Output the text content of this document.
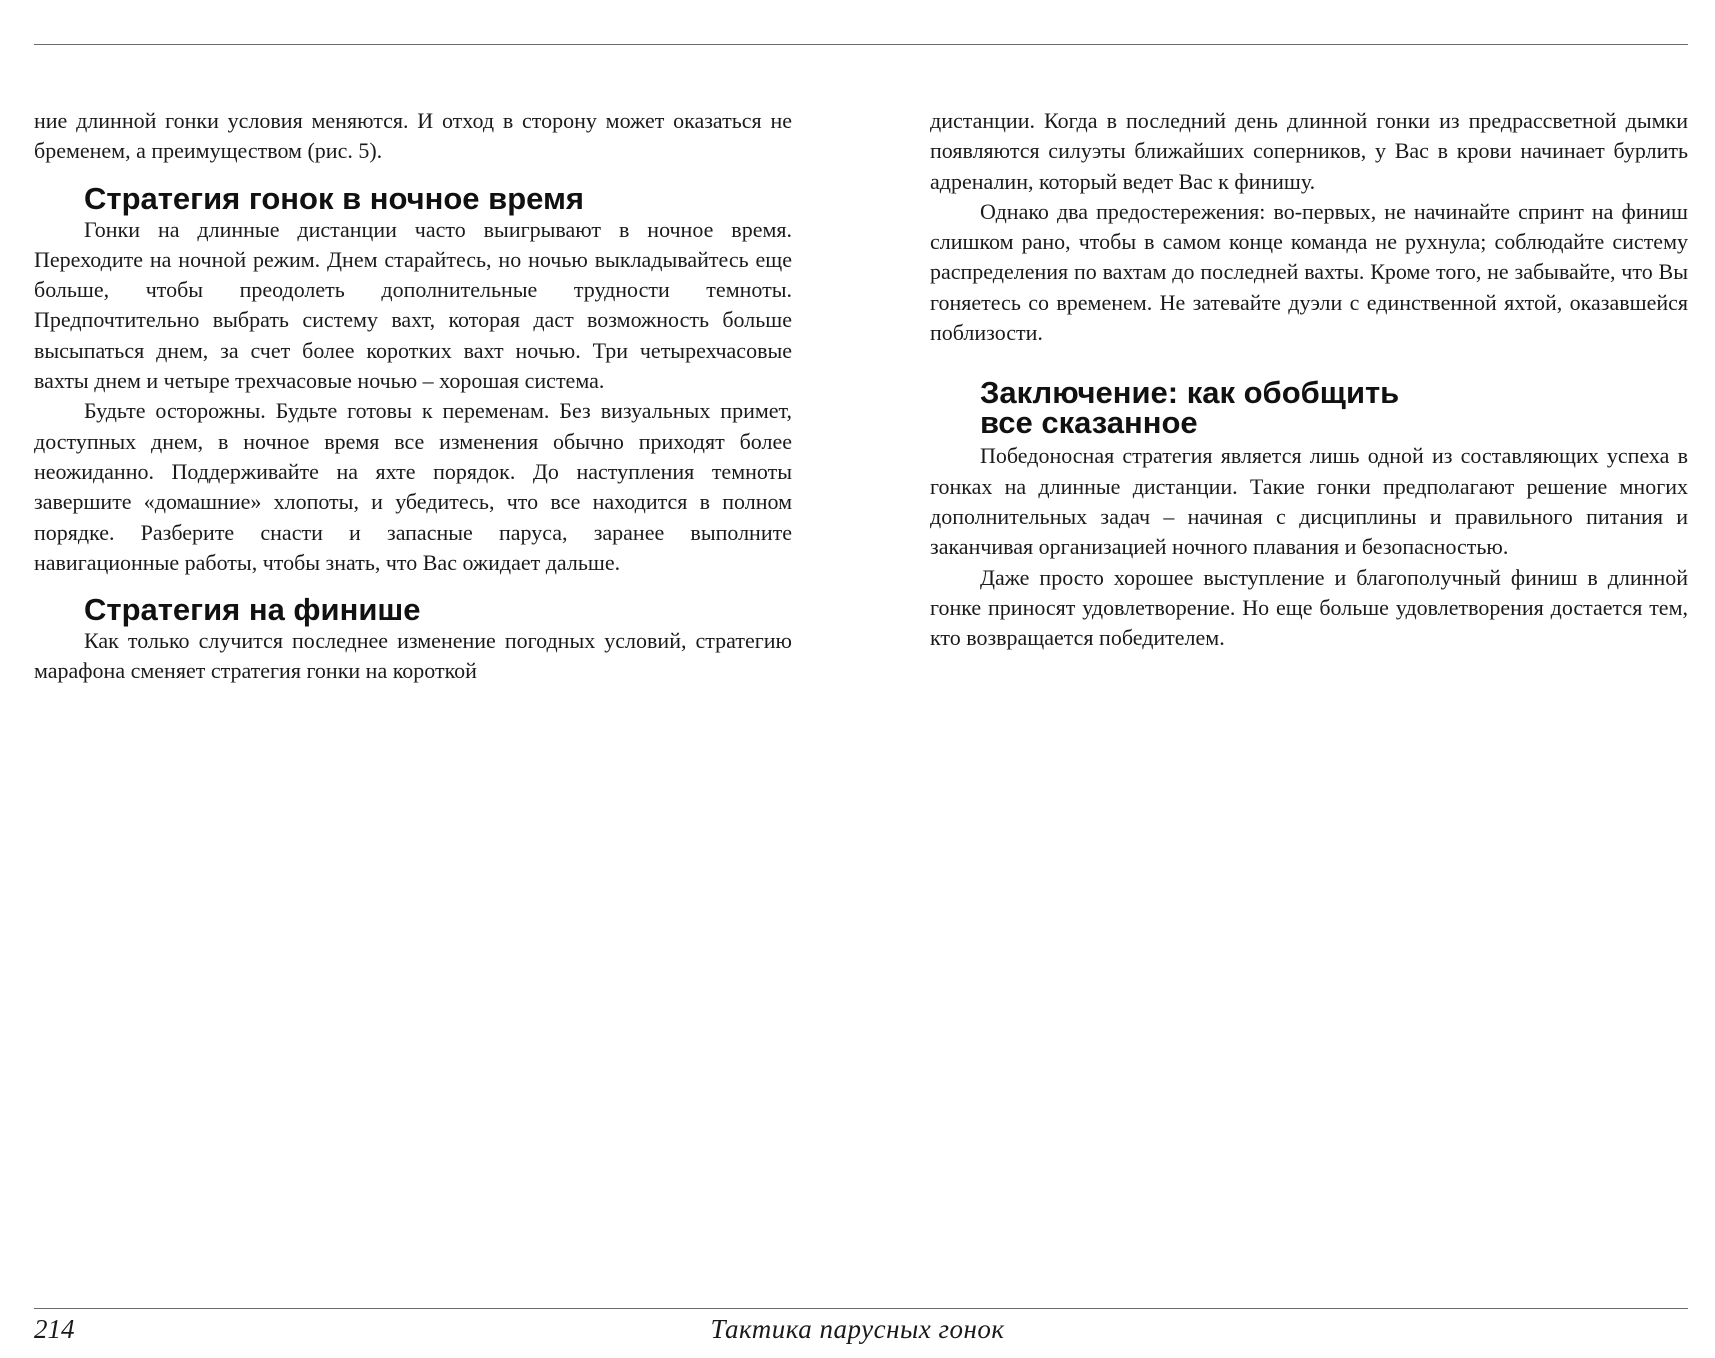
ние длинной гонки условия меняются. И отход в сторону может оказаться не бременем, а преимуществом (рис. 5).

Стратегия гонок в ночное время

Гонки на длинные дистанции часто выигрывают в ночное время. Переходите на ночной режим. Днем старайтесь, но ночью выкладывайтесь еще больше, чтобы преодолеть дополнительные трудности темноты. Предпочтительно выбрать систему вахт, которая даст возможность больше высыпаться днем, за счет более коротких вахт ночью. Три четырехчасовые вахты днем и четыре трехчасовые ночью – хорошая система.

Будьте осторожны. Будьте готовы к переменам. Без визуальных примет, доступных днем, в ночное время все изменения обычно приходят более неожиданно. Поддерживайте на яхте порядок. До наступления темноты завершите «домашние» хлопоты, и убедитесь, что все находится в полном порядке. Разберите снасти и запасные паруса, заранее выполните навигационные работы, чтобы знать, что Вас ожидает дальше.

Стратегия на финише

Как только случится последнее изменение погодных условий, стратегию марафона сменяет стратегия гонки на короткой

дистанции. Когда в последний день длинной гонки из предрассветной дымки появляются силуэты ближайших соперников, у Вас в крови начинает бурлить адреналин, который ведет Вас к финишу.

Однако два предостережения: во-первых, не начинайте спринт на финиш слишком рано, чтобы в самом конце команда не рухнула; соблюдайте систему распределения по вахтам до последней вахты. Кроме того, не забывайте, что Вы гоняетесь со временем. Не затевайте дуэли с единственной яхтой, оказавшейся поблизости.

Заключение: как обобщить
все сказанное

Победоносная стратегия является лишь одной из составляющих успеха в гонках на длинные дистанции. Такие гонки предполагают решение многих дополнительных задач – начиная с дисциплины и правильного питания и заканчивая организацией ночного плавания и безопасностью.

Даже просто хорошее выступление и благополучный финиш в длинной гонке приносят удовлетворение. Но еще больше удовлетворения достается тем, кто возвращается победителем.

214	Тактика парусных гонок
